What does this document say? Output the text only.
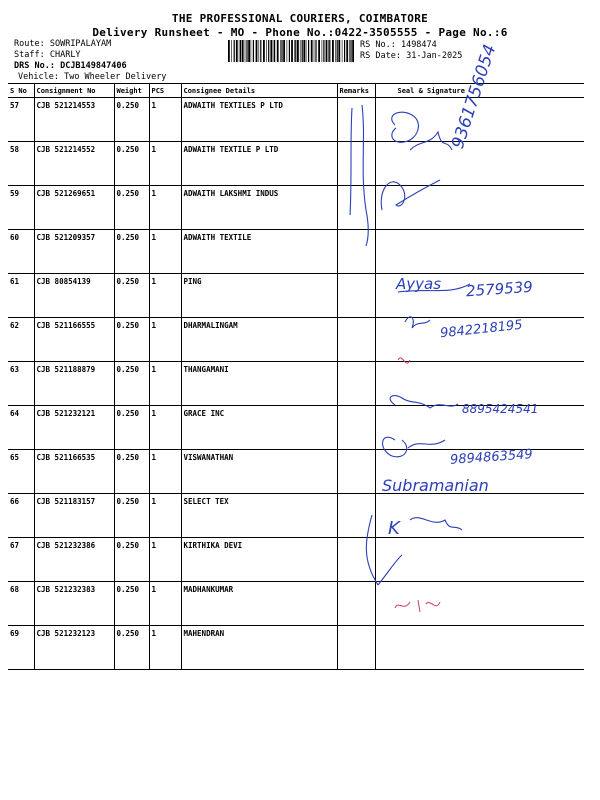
THE PROFESSIONAL COURIERS, COIMBATORE
Delivery Runsheet - MO - Phone No.:0422-3505555 - Page No.:6
Route: SOWRIPALAYAM
Staff: CHARLY
DRS No.: DCJB149847406
Vehicle: Two Wheeler Delivery
RS No.: 1498474
RS Date: 31-Jan-2025
S No	Consignment No	Weight	PCS	Consignee Details	Remarks	Seal & Signature
57	CJB 521214553	0.250	1	ADWAITH TEXTILES P LTD		
58	CJB 521214552	0.250	1	ADWAITH TEXTILE P LTD		
59	CJB 521269651	0.250	1	ADWAITH LAKSHMI INDUS		
60	CJB 521209357	0.250	1	ADWAITH TEXTILE		
61	CJB 80854139	0.250	1	PING		
62	CJB 521166555	0.250	1	DHARMALINGAM		
63	CJB 521188879	0.250	1	THANGAMANI		
64	CJB 521232121	0.250	1	GRACE INC		
65	CJB 521166535	0.250	1	VISWANATHAN		
66	CJB 521183157	0.250	1	SELECT TEX		
67	CJB 521232386	0.250	1	KIRTHIKA DEVI		
68	CJB 521232383	0.250	1	MADHANKUMAR		
69	CJB 521232123	0.250	1	MAHENDRAN		
9361756054
Ayyas 2579539
9842218195
8895424541
9894863549
Subramanian
K
